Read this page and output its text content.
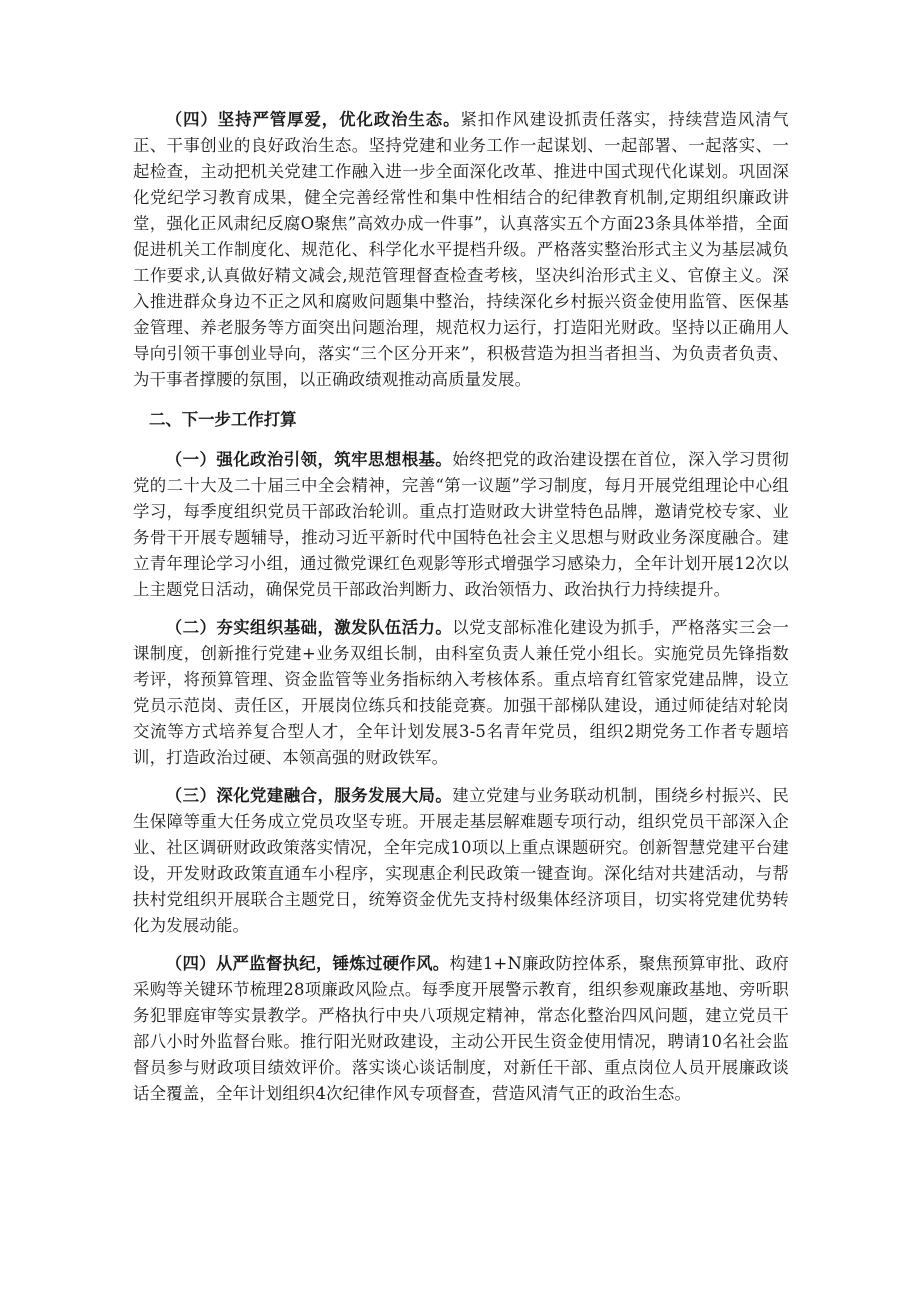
（四）坚持严管厚爱，优化政治生态。紧扣作风建设抓责任落实，持续营造风清气正、干事创业的良好政治生态。坚持党建和业务工作一起谋划、一起部署、一起落实、一起检查，主动把机关党建工作融入进一步全面深化改革、推进中国式现代化谋划。巩固深化党纪学习教育成果，健全完善经常性和集中性相结合的纪律教育机制,定期组织廉政讲堂，强化正风肃纪反腐O聚焦”高效办成一件事”，认真落实五个方面23条具体举措，全面促进机关工作制度化、规范化、科学化水平提档升级。严格落实整治形式主义为基层减负工作要求,认真做好精文减会,规范管理督查检查考核，坚决纠治形式主义、官僚主义。深入推进群众身边不正之风和腐败问题集中整治，持续深化乡村振兴资金使用监管、医保基金管理、养老服务等方面突出问题治理，规范权力运行，打造阳光财政。坚持以正确用人导向引领干事创业导向，落实“三个区分开来”，积极营造为担当者担当、为负责者负责、为干事者撑腰的氛围，以正确政绩观推动高质量发展。

二、下一步工作打算

（一）强化政治引领，筑牢思想根基。始终把党的政治建设摆在首位，深入学习贯彻党的二十大及二十届三中全会精神，完善“第一议题”学习制度，每月开展党组理论中心组学习，每季度组织党员干部政治轮训。重点打造财政大讲堂特色品牌，邀请党校专家、业务骨干开展专题辅导，推动习近平新时代中国特色社会主义思想与财政业务深度融合。建立青年理论学习小组，通过微党课红色观影等形式增强学习感染力，全年计划开展12次以上主题党日活动，确保党员干部政治判断力、政治领悟力、政治执行力持续提升。

（二）夯实组织基础，激发队伍活力。以党支部标准化建设为抓手，严格落实三会一课制度，创新推行党建+业务双组长制，由科室负责人兼任党小组长。实施党员先锋指数考评，将预算管理、资金监管等业务指标纳入考核体系。重点培育红管家党建品牌，设立党员示范岗、责任区，开展岗位练兵和技能竞赛。加强干部梯队建设，通过师徒结对轮岗交流等方式培养复合型人才，全年计划发展3-5名青年党员，组织2期党务工作者专题培训，打造政治过硬、本领高强的财政铁军。

（三）深化党建融合，服务发展大局。建立党建与业务联动机制，围绕乡村振兴、民生保障等重大任务成立党员攻坚专班。开展走基层解难题专项行动，组织党员干部深入企业、社区调研财政政策落实情况，全年完成10项以上重点课题研究。创新智慧党建平台建设，开发财政政策直通车小程序，实现惠企利民政策一键查询。深化结对共建活动，与帮扶村党组织开展联合主题党日，统筹资金优先支持村级集体经济项目，切实将党建优势转化为发展动能。

（四）从严监督执纪，锤炼过硬作风。构建1+N廉政防控体系，聚焦预算审批、政府采购等关键环节梳理28项廉政风险点。每季度开展警示教育，组织参观廉政基地、旁听职务犯罪庭审等实景教学。严格执行中央八项规定精神，常态化整治四风问题，建立党员干部八小时外监督台账。推行阳光财政建设，主动公开民生资金使用情况，聘请10名社会监督员参与财政项目绩效评价。落实谈心谈话制度，对新任干部、重点岗位人员开展廉政谈话全覆盖，全年计划组织4次纪律作风专项督查，营造风清气正的政治生态。
